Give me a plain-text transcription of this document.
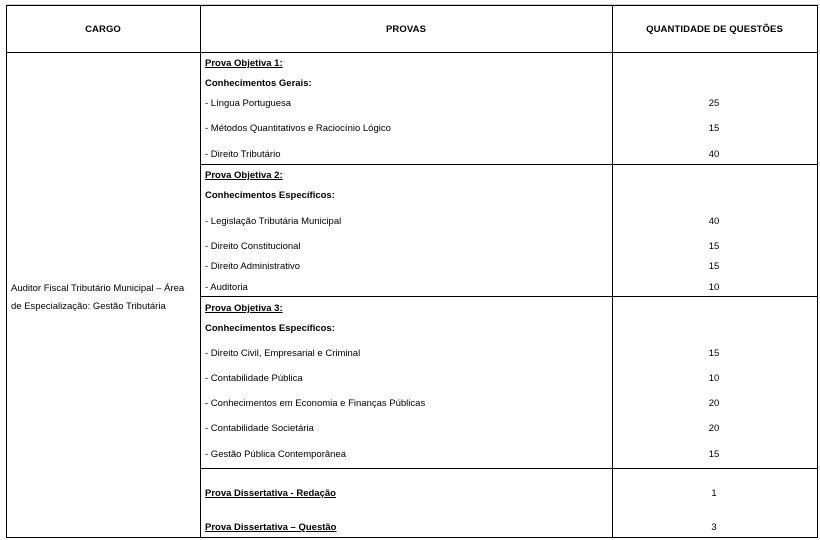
CARGO	PROVAS	QUANTIDADE DE QUESTÕES
Auditor Fiscal Tributário Municipal – Área de Especialização: Gestão Tributária
Prova Objetiva 1:
Conhecimentos Gerais:
- Língua Portuguesa	25
- Métodos Quantitativos e Raciocínio Lógico	15
- Direito Tributário	40
Prova Objetiva 2:
Conhecimentos Específicos:
- Legislação Tributária Municipal	40
- Direito Constitucional	15
- Direito Administrativo	15
- Auditoria	10
Prova Objetiva 3:
Conhecimentos Específicos:
- Direito Civil, Empresarial e Criminal	15
- Contabilidade Pública	10
- Conhecimentos em Economia e Finanças Públicas	20
- Contabilidade Societária	20
- Gestão Pública Contemporânea	15
Prova Dissertativa - Redação	1
Prova Dissertativa – Questão	3
